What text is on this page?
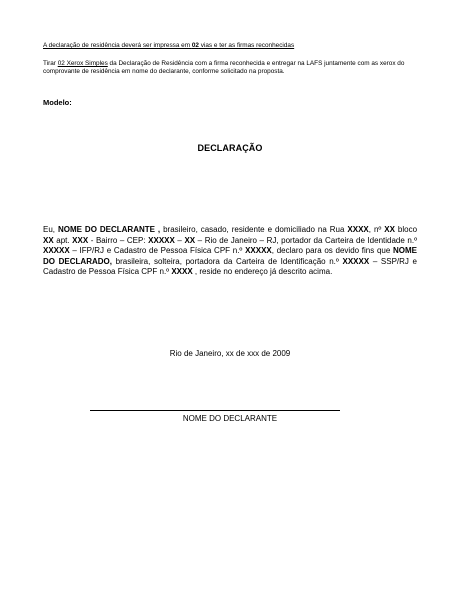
A declaração de residência deverá ser impressa em 02 vias e ter as firmas reconhecidas
Tirar 02 Xerox Simples da Declaração de Residência com a firma reconhecida e entregar na LAFS juntamente com as xerox do comprovante de residência em nome do declarante, conforme solicitado na proposta.
Modelo:
DECLARAÇÃO
Eu, NOME DO DECLARANTE , brasileiro, casado, residente e domiciliado na Rua XXXX, nº XX bloco XX apt. XXX - Bairro – CEP: XXXXX – XX – Rio de Janeiro – RJ, portador da Carteira de Identidade n.º XXXXX – IFP/RJ e Cadastro de Pessoa Física CPF n.º XXXXX, declaro para os devido fins que NOME DO DECLARADO, brasileira, solteira, portadora da Carteira de Identificação n.º XXXXX – SSP/RJ e Cadastro de Pessoa Física CPF n.º XXXX , reside no endereço já descrito acima.
Rio de Janeiro, xx de xxx de 2009
NOME DO DECLARANTE
